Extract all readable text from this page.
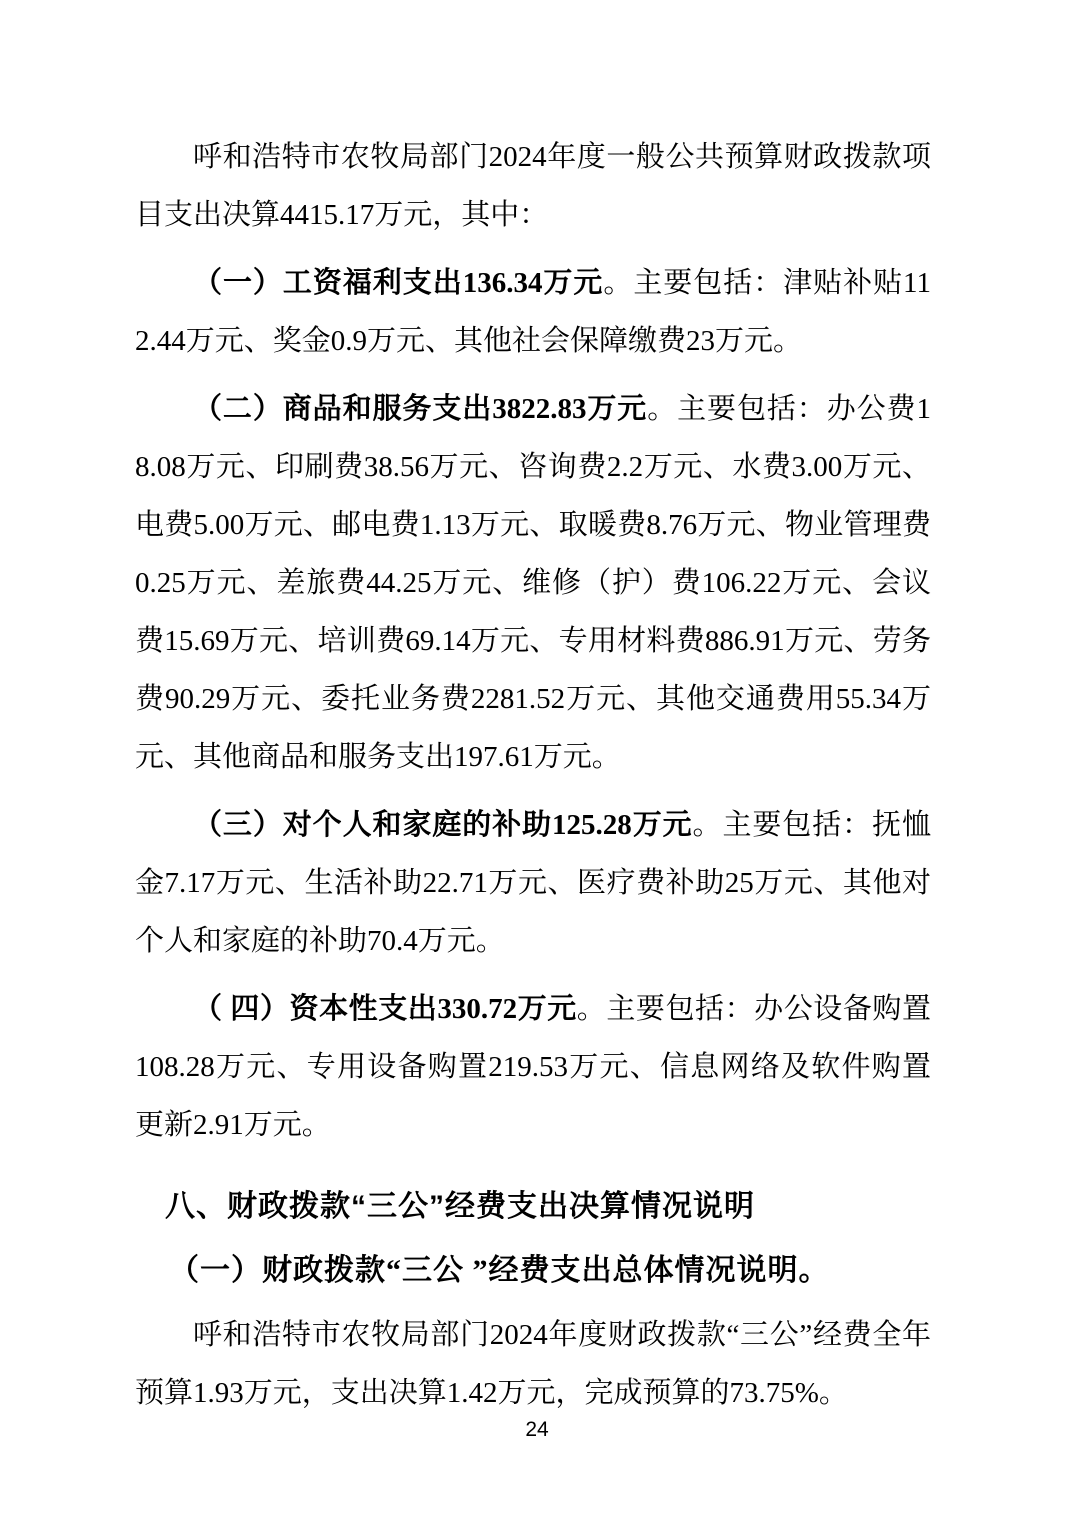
呼和浩特市农牧局部门2024年度一般公共预算财政拨款项目支出决算4415.17万元，其中：

（一）工资福利支出136.34万元。主要包括：津贴补贴112.44万元、奖金0.9万元、其他社会保障缴费23万元。

（二）商品和服务支出3822.83万元。主要包括：办公费18.08万元、印刷费38.56万元、咨询费2.2万元、水费3.00万元、电费5.00万元、邮电费1.13万元、取暖费8.76万元、物业管理费0.25万元、差旅费44.25万元、维修（护）费106.22万元、会议费15.69万元、培训费69.14万元、专用材料费886.91万元、劳务费90.29万元、委托业务费2281.52万元、其他交通费用55.34万元、其他商品和服务支出197.61万元。

（三）对个人和家庭的补助125.28万元。主要包括：抚恤金7.17万元、生活补助22.71万元、医疗费补助25万元、其他对个人和家庭的补助70.4万元。

（ 四）资本性支出330.72万元。主要包括：办公设备购置108.28万元、专用设备购置219.53万元、信息网络及软件购置更新2.91万元。

八、财政拨款“三公”经费支出决算情况说明
（一）财政拨款“三公 ”经费支出总体情况说明。

呼和浩特市农牧局部门2024年度财政拨款“三公”经费全年预算1.93万元，支出决算1.42万元，完成预算的73.75%。

24
